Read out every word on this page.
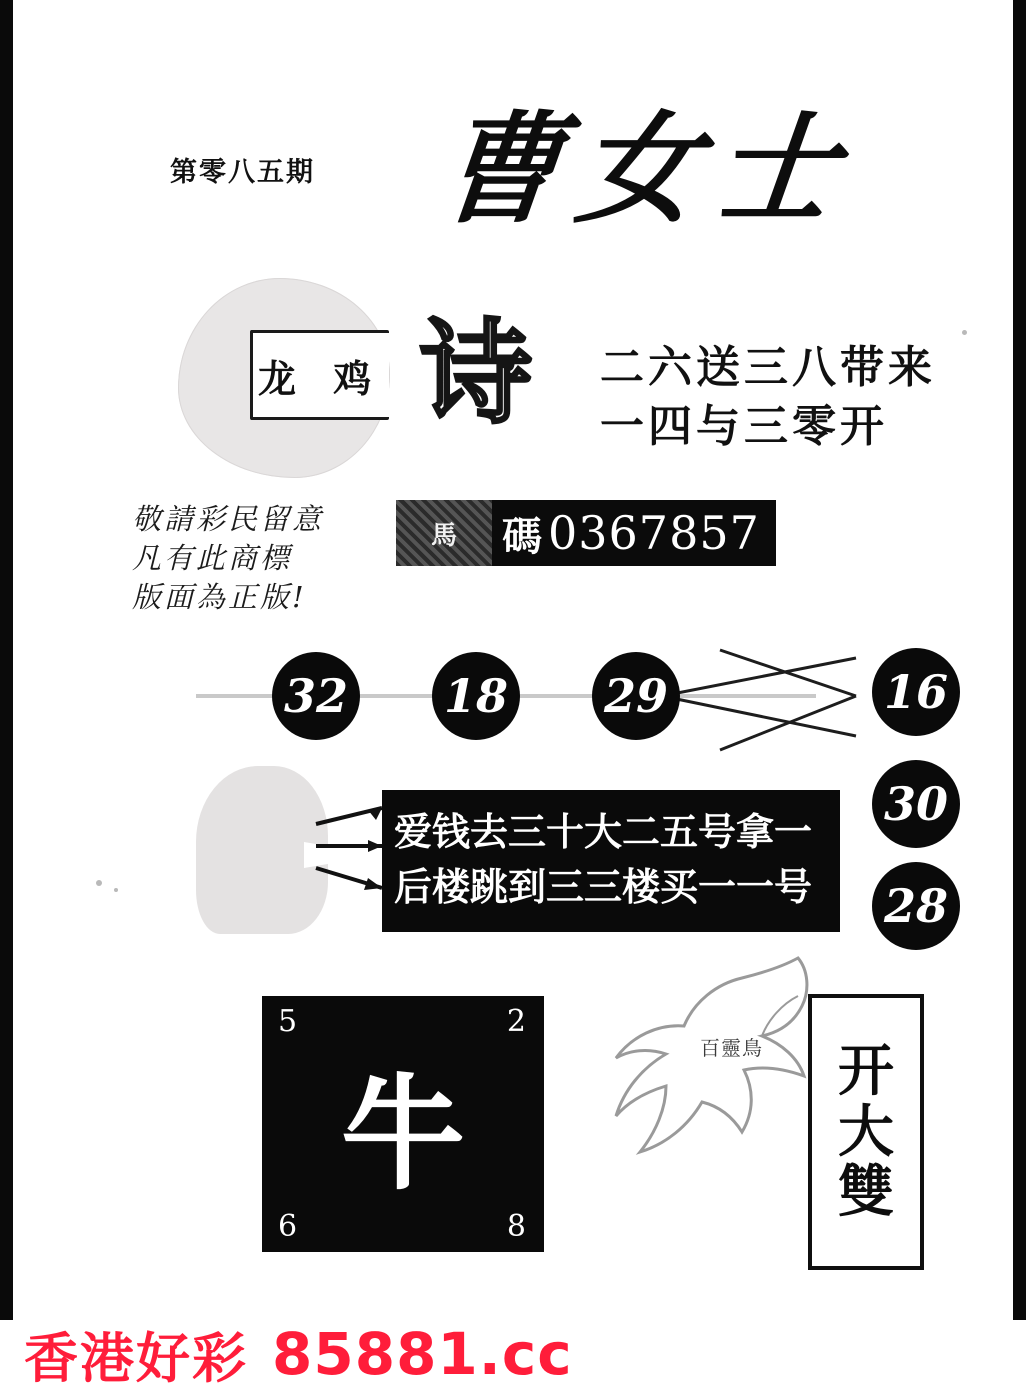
第零八五期 曹女士
龙 鸡 诗 二六送三八带来
一四与三零开
敬請彩民留意
凡有此商標
版面為正版!
馬	碼 0367857
32 18 29	16
30
28
爱钱去三十大二五号拿一
后楼跳到三三楼买一一号
5	2
牛
6	8
百靈鳥 开
大
雙
香港好彩 85881.cc
